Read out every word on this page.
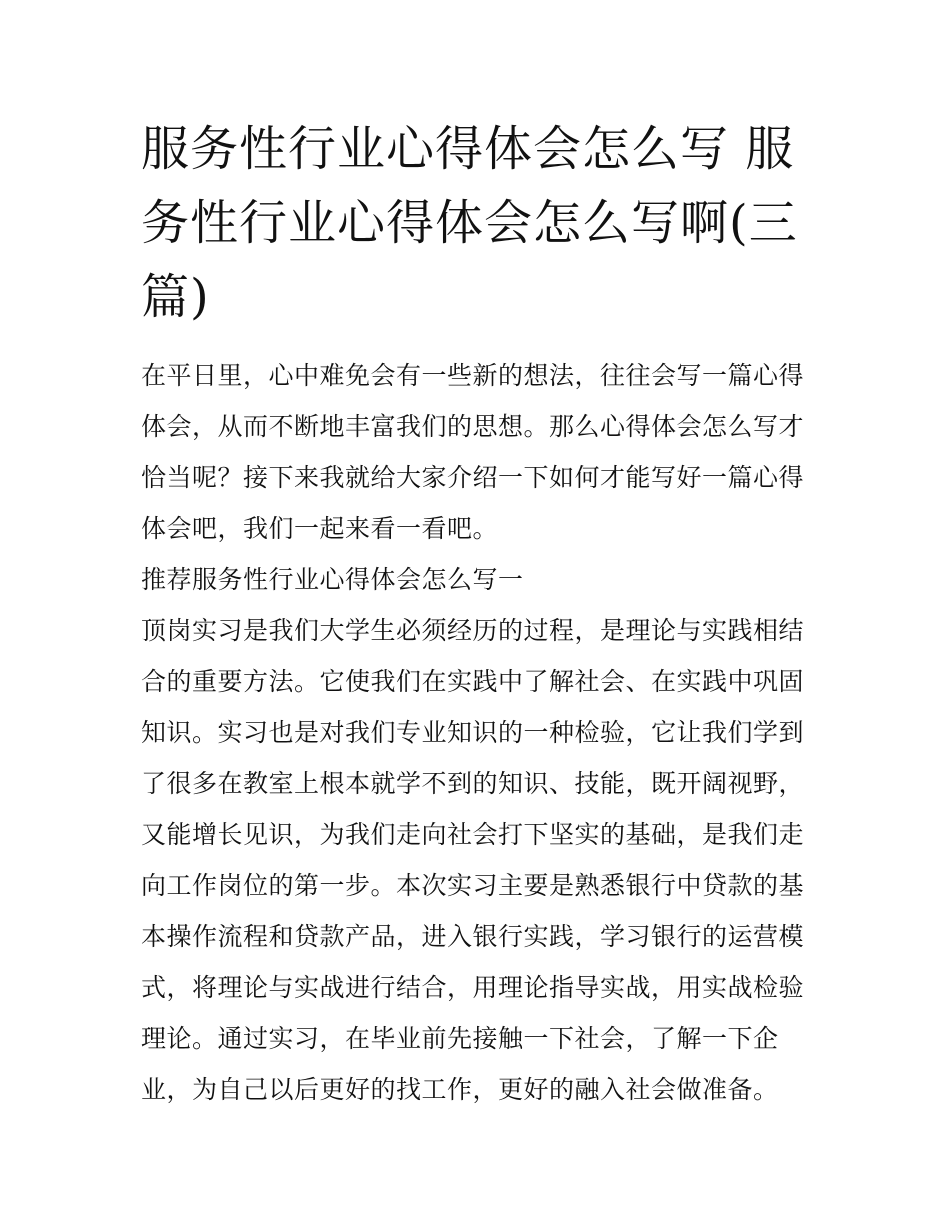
服务性行业心得体会怎么写 服务性行业心得体会怎么写啊(三篇)

在平日里，心中难免会有一些新的想法，往往会写一篇心得体会，从而不断地丰富我们的思想。那么心得体会怎么写才恰当呢？接下来我就给大家介绍一下如何才能写好一篇心得体会吧，我们一起来看一看吧。

推荐服务性行业心得体会怎么写一

顶岗实习是我们大学生必须经历的过程，是理论与实践相结合的重要方法。它使我们在实践中了解社会、在实践中巩固知识。实习也是对我们专业知识的一种检验，它让我们学到了很多在教室上根本就学不到的知识、技能，既开阔视野，又能增长见识，为我们走向社会打下坚实的基础，是我们走向工作岗位的第一步。本次实习主要是熟悉银行中贷款的基本操作流程和贷款产品，进入银行实践，学习银行的运营模式，将理论与实战进行结合，用理论指导实战，用实战检验理论。通过实习，在毕业前先接触一下社会，了解一下企业，为自己以后更好的找工作，更好的融入社会做准备。
